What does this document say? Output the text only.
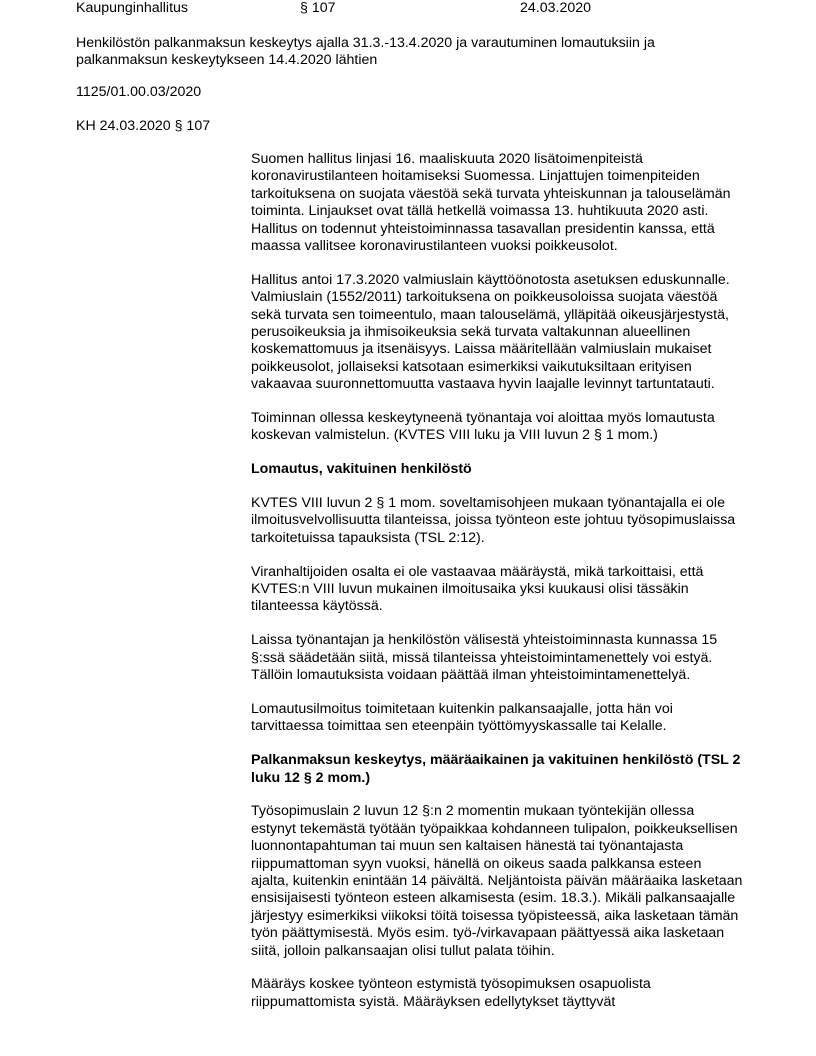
Kaupunginhallitus	§ 107	24.03.2020
Henkilöstön palkanmaksun keskeytys ajalla 31.3.-13.4.2020 ja varautuminen lomautuksiin ja palkanmaksun keskeytykseen 14.4.2020 lähtien
1125/01.00.03/2020
KH 24.03.2020 § 107

Suomen hallitus linjasi 16. maaliskuuta 2020 lisätoimenpiteistä koronavirustilanteen hoitamiseksi Suomessa. Linjattujen toimenpiteiden tarkoituksena on suojata väestöä sekä turvata yhteiskunnan ja talouselämän toiminta. Linjaukset ovat tällä hetkellä voimassa 13. huhtikuuta 2020 asti. Hallitus on todennut yhteistoiminnassa tasavallan presidentin kanssa, että maassa vallitsee koronavirustilanteen vuoksi poikkeusolot.

Hallitus antoi 17.3.2020 valmiuslain käyttöönotosta asetuksen eduskunnalle. Valmiuslain (1552/2011) tarkoituksena on poikkeusoloissa suojata väestöä sekä turvata sen toimeentulo, maan talouselämä, ylläpitää oikeusjärjestystä, perusoikeuksia ja ihmisoikeuksia sekä turvata valtakunnan alueellinen koskemattomuus ja itsenäisyys. Laissa määritellään valmiuslain mukaiset poikkeusolot, jollaiseksi katsotaan esimerkiksi vaikutuksiltaan erityisen vakaavaa suuronnettomuutta vastaava hyvin laajalle levinnyt tartuntatauti.

Toiminnan ollessa keskeytyneenä työnantaja voi aloittaa myös lomautusta koskevan valmistelun. (KVTES VIII luku ja VIII luvun 2 § 1 mom.)

Lomautus, vakituinen henkilöstö

KVTES VIII luvun 2 § 1 mom. soveltamisohjeen mukaan työnantajalla ei ole ilmoitusvelvollisuutta tilanteissa, joissa työnteon este johtuu työsopimuslaissa tarkoitetuissa tapauksista (TSL 2:12).

Viranhaltijoiden osalta ei ole vastaavaa määräystä, mikä tarkoittaisi, että KVTES:n VIII luvun mukainen ilmoitusaika yksi kuukausi olisi tässäkin tilanteessa käytössä.

Laissa työnantajan ja henkilöstön välisestä yhteistoiminnasta kunnassa 15 §:ssä säädetään siitä, missä tilanteissa yhteistoimintamenettely voi estyä. Tällöin lomautuksista voidaan päättää ilman yhteistoimintamenettelyä.

Lomautusilmoitus toimitetaan kuitenkin palkansaajalle, jotta hän voi tarvittaessa toimittaa sen eteenpäin työttömyyskassalle tai Kelalle.

Palkanmaksun keskeytys, määräaikainen ja vakituinen henkilöstö (TSL 2 luku 12 § 2 mom.)

Työsopimuslain 2 luvun 12 §:n 2 momentin mukaan työntekijän ollessa estynyt tekemästä työtään työpaikkaa kohdanneen tulipalon, poikkeuksellisen luonnontapahtuman tai muun sen kaltaisen hänestä tai työnantajasta riippumattoman syyn vuoksi, hänellä on oikeus saada palkkansa esteen ajalta, kuitenkin enintään 14 päivältä. Neljäntoista päivän määräaika lasketaan ensisijaisesti työnteon esteen alkamisesta (esim. 18.3.). Mikäli palkansaajalle järjestyy esimerkiksi viikoksi töitä toisessa työpisteessä, aika lasketaan tämän työn päättymisestä. Myös esim. työ-/virkavapaan päättyessä aika lasketaan siitä, jolloin palkansaajan olisi tullut palata töihin.

Määräys koskee työnteon estymistä työsopimuksen osapuolista riippumattomista syistä. Määräyksen edellytykset täyttyvät
